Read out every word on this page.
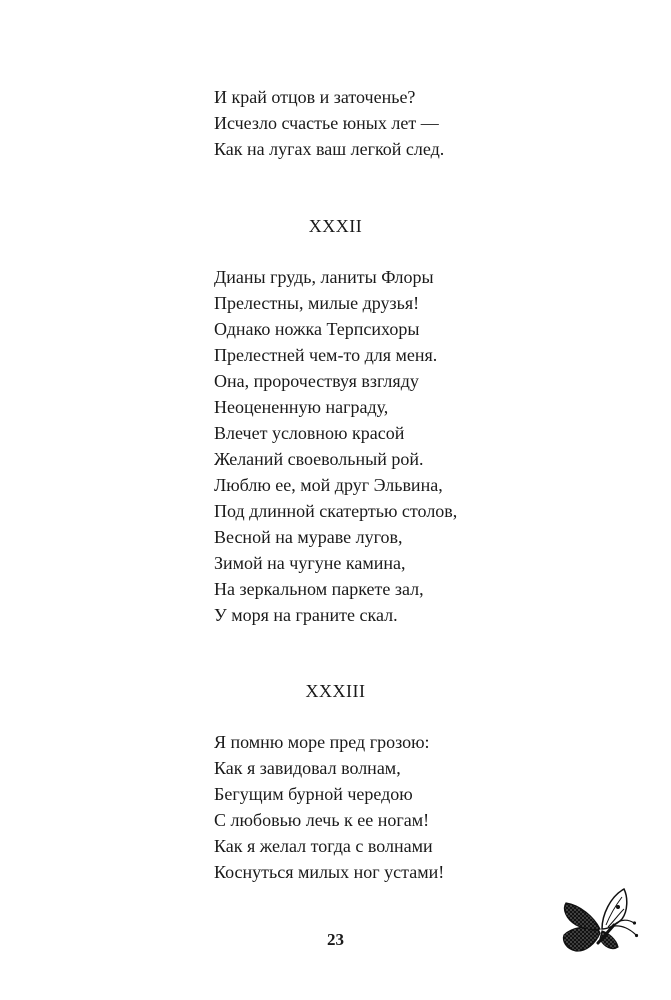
И край отцов и заточенье?
Исчезло счастье юных лет —
Как на лугах ваш легкой след.
XXXII
Дианы грудь, ланиты Флоры
Прелестны, милые друзья!
Однако ножка Терпсихоры
Прелестней чем-то для меня.
Она, пророчествуя взгляду
Неоцененную награду,
Влечет условною красой
Желаний своевольный рой.
Люблю ее, мой друг Эльвина,
Под длинной скатертью столов,
Весной на мураве лугов,
Зимой на чугуне камина,
На зеркальном паркете зал,
У моря на граните скал.
XXXIII
Я помню море пред грозою:
Как я завидовал волнам,
Бегущим бурной чередою
С любовью лечь к ее ногам!
Как я желал тогда с волнами
Коснуться милых ног устами!
23
